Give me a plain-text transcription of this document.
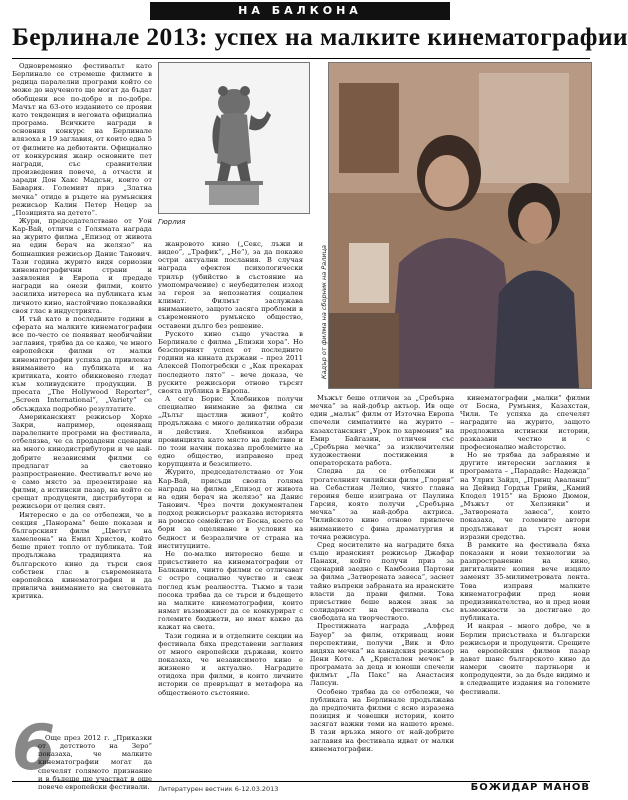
НА БАЛКОНА
Берлинале 2013: успех на малките кинематографии

Одновременно фестивалът като Берлинале се стремеше филмите в редица паралелни програми който се може до наученото ще могат да бъдат обобщени все по-добре и по-добре. Мачът на 63-ото изданието се прояви като тенденция в неговата официална програма. Всичките награди в основния конкурс на Берлинале влязоха в 19 заглавия, от които едва 5 от филмите на дебютанти. Официално от конкурсния жанр основните пет награди, със сравнителни произведения повече, а отчасти и заради Дон Хакс Мадсън, които от Бавария. Големият приз „Златна мечка“ отиде в ръцете на румънския режисьор Калин Петер Нецер за „Позицията на детето“.

Жури, председателствано от Уон Кар-Вай, отличи с Голямата награда на журито филма „Епизод от живота на един берач на желязо“ на бошнашкия режисьор Данис Танович. Тази година журито видя сериозни кинематографични страни и заявления в Европа и предаде награди на онези филми, които засилиха интереса на публиката към личното кино, настойчиво показвайки своя глас в индустрията.

И тъй като в последните години в сферата на малките кинематографии все по-често се появяват необичайни заглавия, трябва да се каже, че много европейски филми от малки кинематографии успяха да привлекат вниманието на публиката и на критиката, които обикновено гледат към холивудските продукции. В пресата „The Hollywood Reporter“, „Screen International“, „Variety“ се обсъждаха подробно резултатите.

Американският режисьор Хорхе Закри, например, оценяващ паралелните програми на фестивала, отбелязва, че са продадени сценарии на много кинодистрибутори и че най-добрите независими филми се предлагат за световно разпространение. Фестивалът вече не е само място за презентиране на филми, а истински пазар, на който се срещат продуценти, дистрибутори и режисьори от целия свят.

Интересно е да се отбележи, че в секция „Панорама“ беше показан и българският филм „Цветът на хамелеона“ на Емил Христов, който беше приет топло от публиката. Той продължава традицията на българското кино да търси своя собствен глас в съвременната европейска кинематография и да привлича вниманието на световната критика.

6

Още през 2012 г. „Приказки от детството на Зеро“ показаха, че малките кинематографии могат да спечелят голямото признание и в бъдеще ще участват в още повече европейски фестивали.

Гюрлия
Кадър от филма на сборник на Ралица

жанровото кино („Секс, лъжи и видео“, „Трафик“, „Не“), за да покаже остри актуални послания. В случая награда ефектен психологически трилър (убийство в състояние на умопомрачение) с неубедителен изход за героя за непознатия социален климат. Филмът заслужава вниманието, защото засяга проблеми в съвременното румънско общество, оставени дълго без решение.

Руското кино също участва в Берлинале с филма „Близки хора“. Но безспорният успех от последните години на кината държави – през 2011 Алексей Попогребски с „Как прекарах последното лято“ – вече доказа, че руските режисьори отново търсят своята публика в Европа.

А сега Борис Хлебников получи специално внимание за филма си „Дълъг щастлив живот“, който продължава с много деликатни образи и действия. Хлебников избира провинцията като място на действие и по този начин показва проблемите на едно общество, изправено пред корупцията и безсилието.

Журито, председателствано от Уон Кар-Вай, присъди своята голяма награда на филма „Епизод от живота на един берач на желязо“ на Данис Танович. Чрез почти документален подход режисьорът разказва историята на ромско семейство от Босна, което се бори за оцеляване в условия на бедност и безразличие от страна на институциите.

Не по-малко интересно беше и присъствието на кинематографии от Балканите, чиито филми се отличават с остро социално чувство и свеж поглед към реалността. Тъкмо в тази посока трябва да се търси и бъдещето на малките кинематографии, които нямат възможност да се конкурират с големите бюджети, но имат какво да кажат на света.

Тази година и в отделните секции на фестивала бяха представени заглавия от много европейски държави, които показаха, че независимото кино е жизнено и актуално. Наградите отидоха при филми, в които личните истории се превръщат в метафора на общественото състояние.

Мъжът беше отличен за „Сребърна мечка“ за най-добър актьор. Ив още един „малък“ филм от Източна Европа спечели симпатиите на журито – казахстанският „Урок по хармония“ на Емир Байгазин, отличен със „Сребърна мечка“ за изключителни художествени постижения в операторската работа.

Следва да се отбележи и трогателният чилийски филм „Глория“ на Себастиан Лелио, чиято главна героиня беше изиграна от Паулина Гарсия, която получи „Сребърна мечка“ за най-добра актриса. Чилийското кино отново привлече вниманието с фина драматургия и точна режисура.

Сред носителите на наградите бяха също иранският режисьор Джафар Панахи, който получи приз за сценарий заедно с Камбозия Партови за филма „Затворената завеса“, заснет тайно въпреки забраната на иранските власти да прави филми. Това присъствие беше важен знак за солидарност на фестивала със свободата на творчеството.

Престижната награда „Алфред Бауер“ за филм, откриващ нови перспективи, получи „Вик и Флo видяха мечка“ на канадския режисьор Дени Коте. А „Кристален мечок“ в програмата за деца и юноши спечели филмът „Ла Пакс“ на Анастасия Лапсуи.

Особено трябва да се отбележи, че публиката на Берлинале продължава да предпочита филми с ясно изразена позиция и човешки истории, които засягат важни теми на нашето време. В тази връзка много от най-добрите заглавия на фестивала идват от малки кинематографии.

кинематографии „малки“ филми от Босна, Румъния, Казахстан, Чили. Те успяха да спечелят наградите на журито, защото предложиха истински истории, разказани честно и с професионално майсторство.

Но не трябва да забравяме и другите интересни заглавия в програмата – „Парадайс: Надежда“ на Улрих Зайдл, „Принц Аваланш“ на Дейвид Гордън Грийн, „Камий Клодел 1915“ на Брюно Дюмон, „Мъжът от Хелзинки“ и „Затворената завеса“, които показаха, че големите автори продължават да търсят нови изразни средства.

В рамките на фестивала бяха показани и нови технологии за разпространение на кино, дигиталните копия вече изцяло заменят 35-милиметровата лента. Това изправя малките кинематографии пред нови предизвикателства, но и пред нови възможности за достигане до публиката.

И накрая – много добре, че в Берлин присъстваха и български режисьори и продуценти. Срещите на европейския филмов пазар дават шанс българското кино да намери своите партньори и копродуценти, за да бъде видимо и в следващите издания на големите фестивали.

Литературен вестник 6-12.03.2013	БОЖИДАР МАНОВ
